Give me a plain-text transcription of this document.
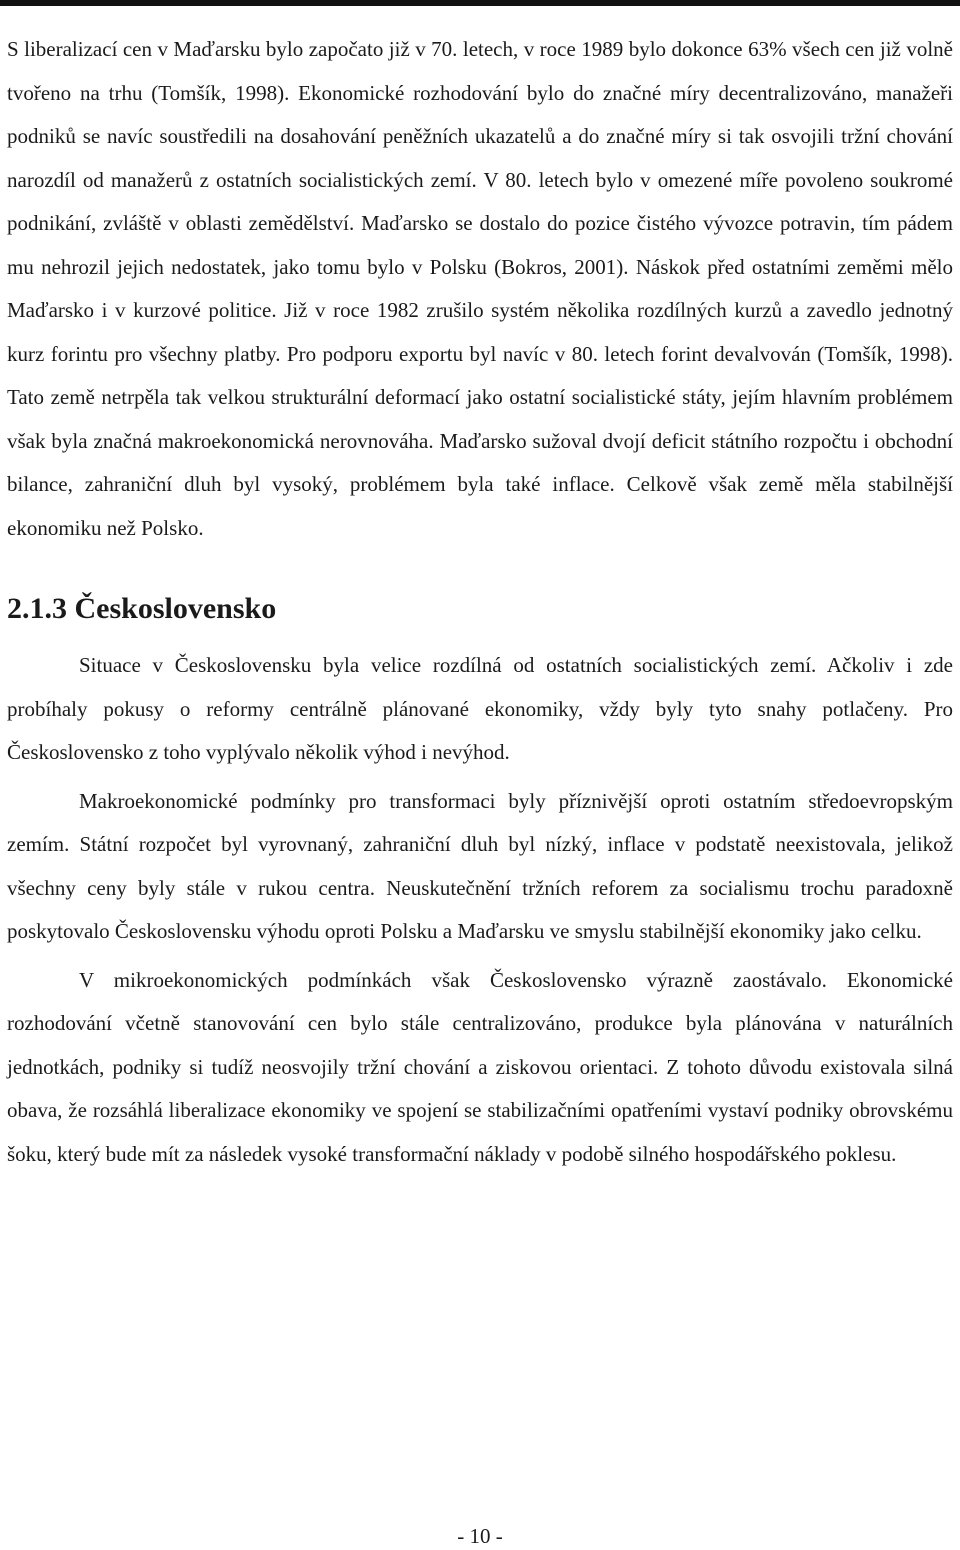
S liberalizací cen v Maďarsku bylo započato již v 70. letech, v roce 1989 bylo dokonce 63% všech cen již volně tvořeno na trhu (Tomšík, 1998). Ekonomické rozhodování bylo do značné míry decentralizováno, manažeři podniků se navíc soustředili na dosahování peněžních ukazatelů a do značné míry si tak osvojili tržní chování narozdíl od manažerů z ostatních socialistických zemí. V 80. letech bylo v omezené míře povoleno soukromé podnikání, zvláště v oblasti zemědělství. Maďarsko se dostalo do pozice čistého vývozce potravin, tím pádem mu nehrozil jejich nedostatek, jako tomu bylo v Polsku (Bokros, 2001). Náskok před ostatními zeměmi mělo Maďarsko i v kurzové politice. Již v roce 1982 zrušilo systém několika rozdílných kurzů a zavedlo jednotný kurz forintu pro všechny platby. Pro podporu exportu byl navíc v 80. letech forint devalvován (Tomšík, 1998). Tato země netrpěla tak velkou strukturální deformací jako ostatní socialistické státy, jejím hlavním problémem však byla značná makroekonomická nerovnováha. Maďarsko sužoval dvojí deficit státního rozpočtu i obchodní bilance, zahraniční dluh byl vysoký, problémem byla také inflace. Celkově však země měla stabilnější ekonomiku než Polsko.

2.1.3 Československo

Situace v Československu byla velice rozdílná od ostatních socialistických zemí. Ačkoliv i zde probíhaly pokusy o reformy centrálně plánované ekonomiky, vždy byly tyto snahy potlačeny. Pro Československo z toho vyplývalo několik výhod i nevýhod.

Makroekonomické podmínky pro transformaci byly příznivější oproti ostatním středoevropským zemím. Státní rozpočet byl vyrovnaný, zahraniční dluh byl nízký, inflace v podstatě neexistovala, jelikož všechny ceny byly stále v rukou centra. Neuskutečnění tržních reforem za socialismu trochu paradoxně poskytovalo Československu výhodu oproti Polsku a Maďarsku ve smyslu stabilnější ekonomiky jako celku.

V mikroekonomických podmínkách však Československo výrazně zaostávalo. Ekonomické rozhodování včetně stanovování cen bylo stále centralizováno, produkce byla plánována v naturálních jednotkách, podniky si tudíž neosvojily tržní chování a ziskovou orientaci. Z tohoto důvodu existovala silná obava, že rozsáhlá liberalizace ekonomiky ve spojení se stabilizačními opatřeními vystaví podniky obrovskému šoku, který bude mít za následek vysoké transformační náklady v podobě silného hospodářského poklesu.

- 10 -
